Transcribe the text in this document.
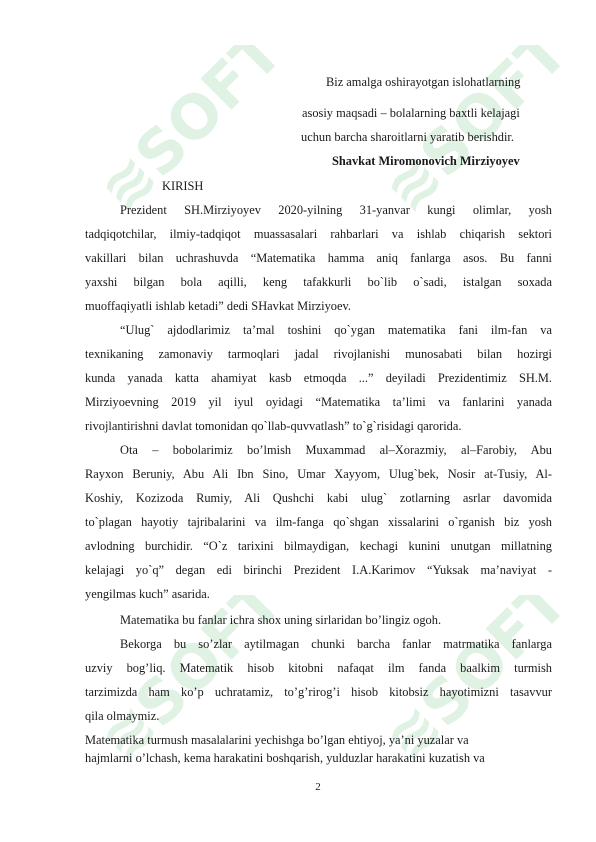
≋SOFT ≋SOFT
≋SOFT ≋SOFT
Biz amalga oshirayotgan islohatlarning
asosiy maqsadi – bolalarning baxtli kelajagi
uchun barcha sharoitlarni yaratib berishdir.
Shavkat Miromonovich Mirziyoyev
KIRISH
Prezident SH.Mirziyoyev 2020-yilning 31-yanvar kungi olimlar, yosh
tadqiqotchilar, ilmiy-tadqiqot muassasalari rahbarlari va ishlab chiqarish sektori
vakillari bilan uchrashuvda “Matematika hamma aniq fanlarga asos. Bu fanni
yaxshi bilgan bola aqilli, keng tafakkurli bo`lib o`sadi, istalgan soxada
muoffaqiyatli ishlab ketadi” dedi SHavkat Mirziyoev.
“Ulug` ajdodlarimiz ta’mal toshini qo`ygan matematika fani ilm-fan va
texnikaning zamonaviy tarmoqlari jadal rivojlanishi munosabati bilan hozirgi
kunda yanada katta ahamiyat kasb etmoqda ...” deyiladi Prezidentimiz SH.M.
Mirziyoevning 2019 yil iyul oyidagi “Matematika ta’limi va fanlarini yanada
rivojlantirishni davlat tomonidan qo`llab-quvvatlash” to`g`risidagi qarorida.
Ota – bobolarimiz bo’lmish Muxammad al–Xorazmiy, al–Farobiy, Abu
Rayxon Beruniy, Abu Ali Ibn Sino, Umar Xayyom, Ulug`bek, Nosir at-Tusiy, Al-
Koshiy, Kozizoda Rumiy, Ali Qushchi kabi ulug` zotlarning asrlar davomida
to`plagan hayotiy tajribalarini va ilm-fanga qo`shgan xissalarini o`rganish biz yosh
avlodning burchidir. “O`z tarixini bilmaydigan, kechagi kunini unutgan millatning
kelajagi yo`q” degan edi birinchi Prezident I.A.Karimov “Yuksak ma’naviyat -
yengilmas kuch” asarida.
Matematika bu fanlar ichra shox uning sirlaridan bo’lingiz ogoh.
Bekorga bu so’zlar aytilmagan chunki barcha fanlar matrmatika fanlarga
uzviy bog’liq. Matematik hisob kitobni nafaqat ilm fanda baalkim turmish
tarzimizda ham ko’p uchratamiz, to’g’rirog’i hisob kitobsiz hayotimizni tasavvur
qila olmaymiz.
Matematika turmush masalalarini yechishga bo’lgan ehtiyoj, ya’ni yuzalar va
hajmlarni o’lchash, kema harakatini boshqarish, yulduzlar harakatini kuzatish va
2
